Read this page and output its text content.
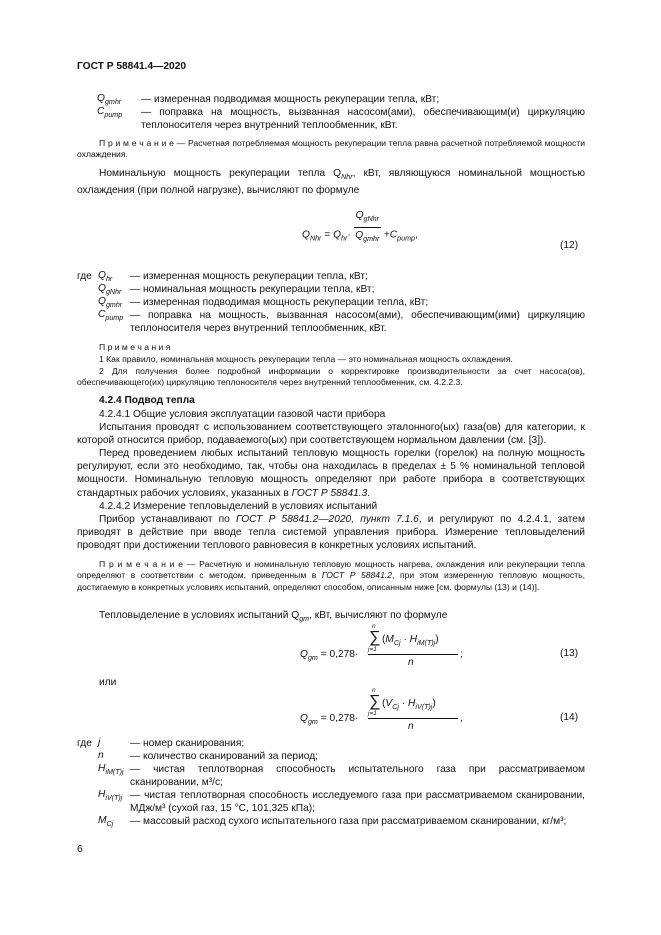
ГОСТ Р 58841.4—2020
$Q_{gmhr}$ — измеренная подводимая мощность рекуперации тепла, кВт;
$C_{pump}$ — поправка на мощность, вызванная насосом(ами), обеспечивающим(и) циркуляцию теплоносителя через внутренний теплообменник, кВт.
П р и м е ч а н и е — Расчетная потребляемая мощность рекуперации тепла равна расчетной потребляемой мощности охлаждения.
Номинальную мощность рекуперации тепла $Q_{Nhr}$, кВт, являющуюся номинальной мощностью охлаждения (при полной нагрузке), вычисляют по формуле
$Q_{Nhr} = Q_{hr}\cdot \frac{Q_{gNhr}}{Q_{gmhr}} +C_{pump}$,
(12)
где $Q_{hr}$ — измеренная мощность рекуперации тепла, кВт;
$Q_{gNhr}$ — номинальная мощность рекуперации тепла, кВт;
$Q_{gmhr}$ — измеренная подводимая мощность рекуперации тепла, кВт;
$C_{pump}$ — поправка на мощность, вызванная насосом(ами), обеспечивающим(ими) циркуляцию теплоносителя через внутренний теплообменник, кВт.
П р и м е ч а н и я
1 Как правило, номинальная мощность рекуперации тепла — это номинальная мощность охлаждения.
2 Для получения более подробной информации о корректировке производительности за счет насоса(ов), обеспечивающего(их) циркуляцию теплоносителя через внутренний теплообменник, см. 4.2.2.3.
4.2.4 Подвод тепла
4.2.4.1 Общие условия эксплуатации газовой части прибора
Испытания проводят с использованием соответствующего эталонного(ых) газа(ов) для категории, к которой относится прибор, подаваемого(ых) при соответствующем нормальном давлении (см. [3]).
Перед проведением любых испытаний тепловую мощность горелки (горелок) на полную мощность регулируют, если это необходимо, так, чтобы она находилась в пределах ± 5 % номинальной тепловой мощности. Номинальную тепловую мощность определяют при работе прибора в соответствующих стандартных рабочих условиях, указанных в ГОСТ Р 58841.3.
4.2.4.2 Измерение тепловыделений в условиях испытаний
Прибор устанавливают по ГОСТ Р 58841.2—2020, пункт 7.1.6, и регулируют по 4.2.4.1, затем приводят в действие при вводе тепла системой управления прибора. Измерение тепловыделений проводят при достижении теплового равновесия в конкретных условиях испытаний.
П р и м е ч а н и е — Расчетную и номинальную тепловую мощность нагрева, охлаждения или рекуперации тепла определяют в соответствии с методом, приведенным в ГОСТ Р 58841.2, при этом измеренную тепловую мощность, достигаемую в конкретных условиях испытаний, определяют способом, описанным ниже [см. формулы (13) и (14)].
Тепловыделение в условиях испытаний $Q_{gm}$, кВт, вычисляют по формуле
$Q_{gm} = 0,278\cdot$
n
∑
j=1
$(M_{Cj} \cdot H_{iM(T)j})$
n
;	(13)
или
$Q_{gm} = 0,278\cdot$
n
∑
j=1
$(V_{Cj} \cdot H_{iV(T)j})$
n
,	(14)
где j	— номер сканирования;
n	— количество сканирований за период;
$H_{iM(T)j}$ — чистая теплотворная способность испытательного газа при рассматриваемом сканировании, м³/с;
$H_{iV(T)j}$ — чистая теплотворная способность исследуемого газа при рассматриваемом сканировании, МДж/м³ (сухой газ, 15 °С, 101,325 кПа);
$M_{Cj}$ — массовый расход сухого испытательного газа при рассматриваемом сканировании, кг/м³;
6
